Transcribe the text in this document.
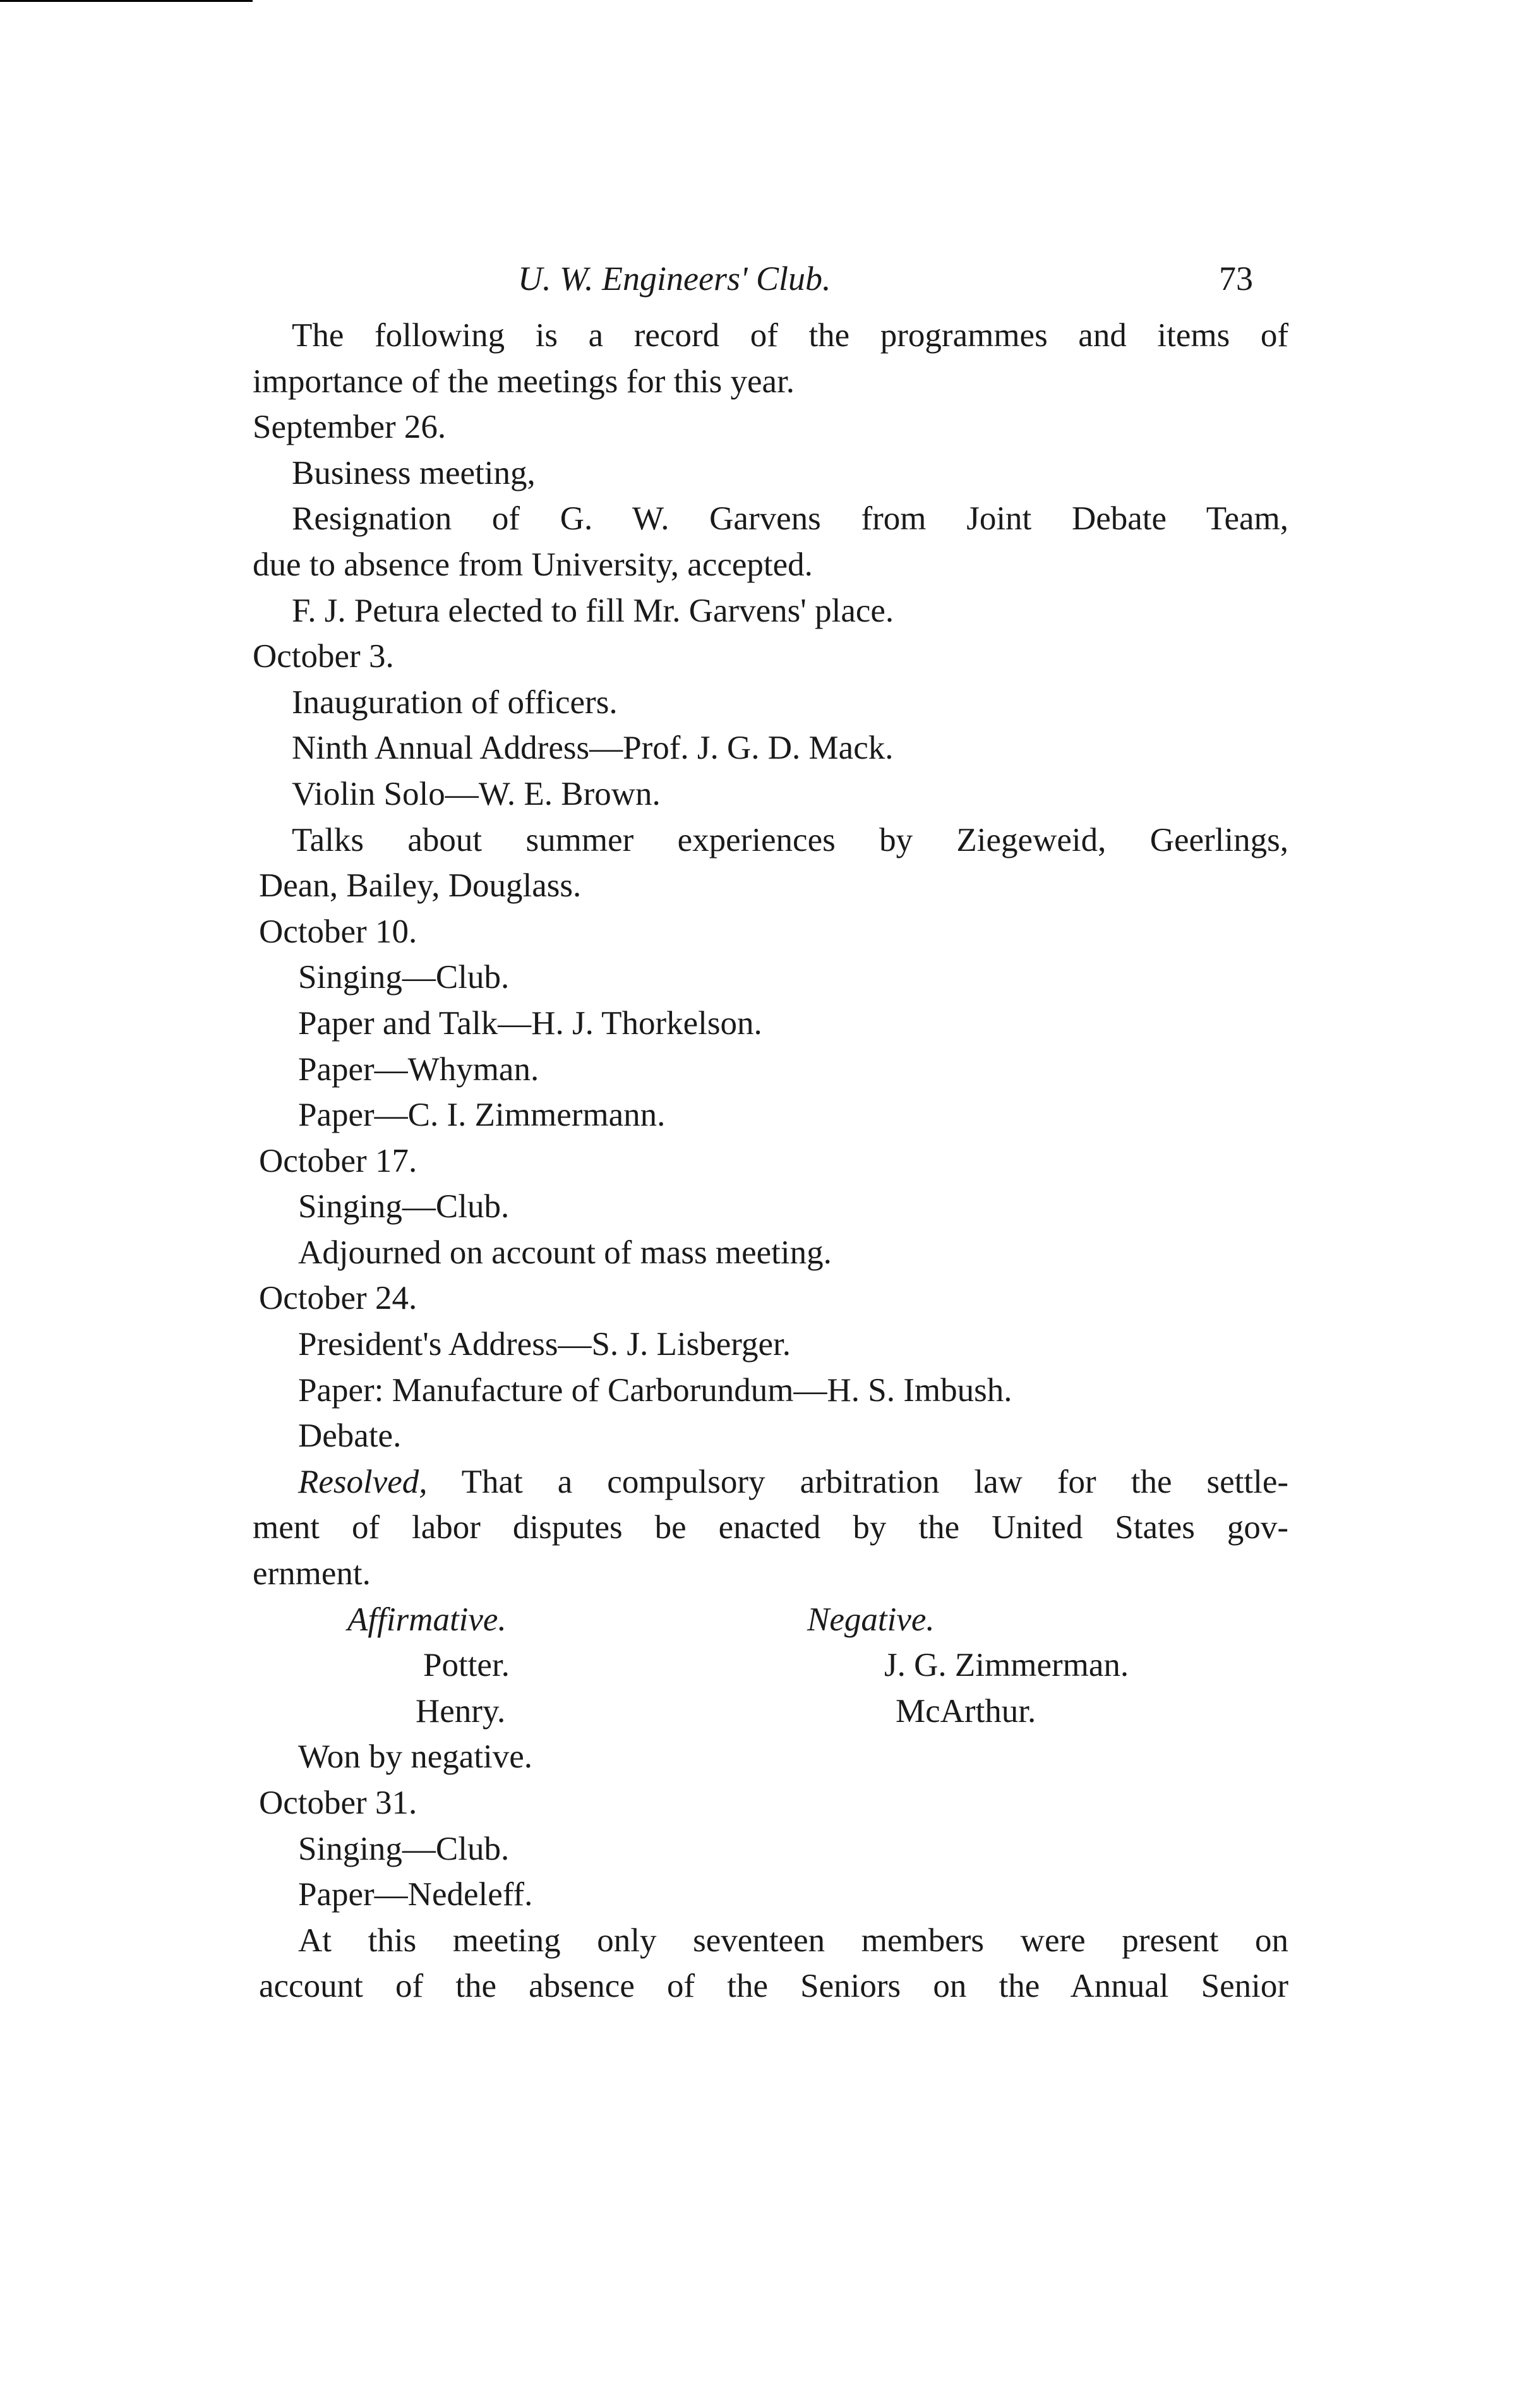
U. W. Engineers' Club.	73
The following is a record of the programmes and items of
importance of the meetings for this year.
September 26.
Business meeting,
Resignation of G. W. Garvens from Joint Debate Team,
due to absence from University, accepted.
F. J. Petura elected to fill Mr. Garvens' place.
October 3.
Inauguration of officers.
Ninth Annual Address—Prof. J. G. D. Mack.
Violin Solo—W. E. Brown.
Talks about summer experiences by Ziegeweid, Geerlings,
Dean, Bailey, Douglass.
October 10.
Singing—Club.
Paper and Talk—H. J. Thorkelson.
Paper—Whyman.
Paper—C. I. Zimmermann.
October 17.
Singing—Club.
Adjourned on account of mass meeting.
October 24.
President's Address—S. J. Lisberger.
Paper: Manufacture of Carborundum—H. S. Imbush.
Debate.
Resolved, That a compulsory arbitration law for the settle-
ment of labor disputes be enacted by the United States gov-
ernment.
Affirmative.	Negative.
Potter.
Henry.
J. G. Zimmerman.
McArthur.
Won by negative.
October 31.
Singing—Club.
Paper—Nedeleff.
At this meeting only seventeen members were present on
account of the absence of the Seniors on the Annual Senior
